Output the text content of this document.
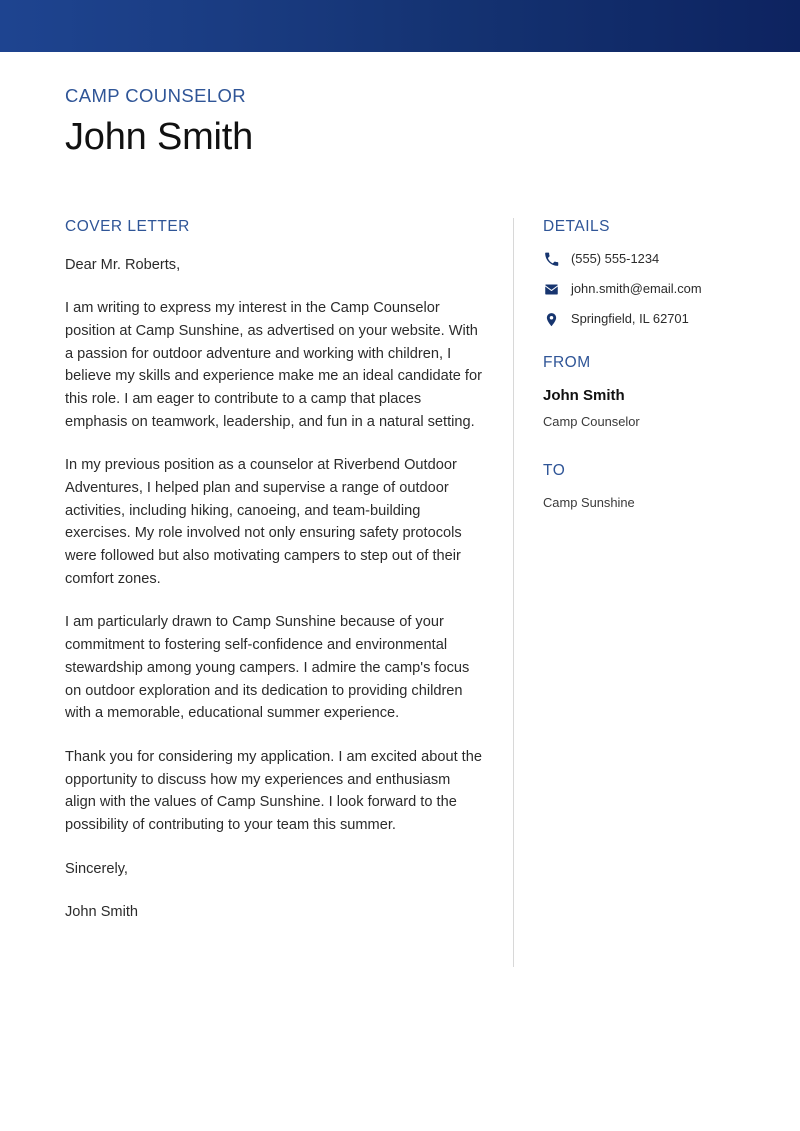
CAMP COUNSELOR
John Smith
COVER LETTER
Dear Mr. Roberts,

I am writing to express my interest in the Camp Counselor position at Camp Sunshine, as advertised on your website. With a passion for outdoor adventure and working with children, I believe my skills and experience make me an ideal candidate for this role. I am eager to contribute to a camp that places emphasis on teamwork, leadership, and fun in a natural setting.

In my previous position as a counselor at Riverbend Outdoor Adventures, I helped plan and supervise a range of outdoor activities, including hiking, canoeing, and team-building exercises. My role involved not only ensuring safety protocols were followed but also motivating campers to step out of their comfort zones.

I am particularly drawn to Camp Sunshine because of your commitment to fostering self-confidence and environmental stewardship among young campers. I admire the camp's focus on outdoor exploration and its dedication to providing children with a memorable, educational summer experience.

Thank you for considering my application. I am excited about the opportunity to discuss how my experiences and enthusiasm align with the values of Camp Sunshine. I look forward to the possibility of contributing to your team this summer.

Sincerely,

John Smith

DETAILS
(555) 555-1234
john.smith@email.com
Springfield, IL 62701
FROM
John Smith
Camp Counselor
TO
Camp Sunshine
